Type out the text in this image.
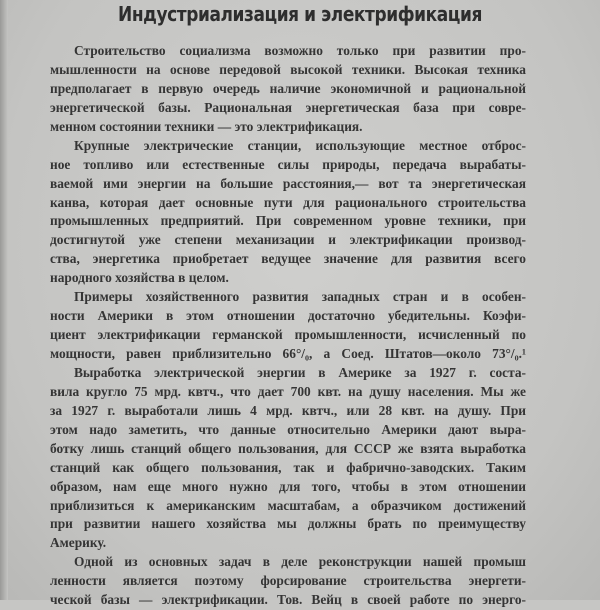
Индустриализация и электрификация
Строительство социализма возможно только при развитии про-
мышленности на основе передовой высокой техники. Высокая техника
предполагает в первую очередь наличие экономичной и рациональной
энергетической базы. Рациональная энергетическая база при совре-
менном состоянии техники — это электрификация.
Крупные электрические станции, использующие местное отброс-
ное топливо или естественные силы природы, передача вырабаты-
ваемой ими энергии на большие расстояния,— вот та энергетическая
канва, которая дает основные пути для рационального строительства
промышленных предприятий. При современном уровне техники, при
достигнутой уже степени механизации и электрификации производ-
ства, энергетика приобретает ведущее значение для развития всего
народного хозяйства в целом.
Примеры хозяйственного развития западных стран и в особен-
ности Америки в этом отношении достаточно убедительны. Коэфи-
циент электрификации германской промышленности, исчисленный по
мощности, равен приблизительно 66°/₀, а Соед. Штатов—около 73°/₀.¹
Выработка электрической энергии в Америке за 1927 г. соста-
вила кругло 75 мрд. квтч., что дает 700 квт. на душу населения. Мы же
за 1927 г. выработали лишь 4 мрд. квтч., или 28 квт. на душу. При
этом надо заметить, что данные относительно Америки дают выра-
ботку лишь станций общего пользования, для СССР же взята выработка
станций как общего пользования, так и фабрично-заводских. Таким
образом, нам еще много нужно для того, чтобы в этом отношении
приблизиться к американским масштабам, а образчиком достижений
при развитии нашего хозяйства мы должны брать по преимуществу
Америку.
Одной из основных задач в деле реконструкции нашей промыш
ленности является поэтому форсирование строительства энергети-
ческой базы — электрификации. Тов. Вейц в своей работе по энерго-
